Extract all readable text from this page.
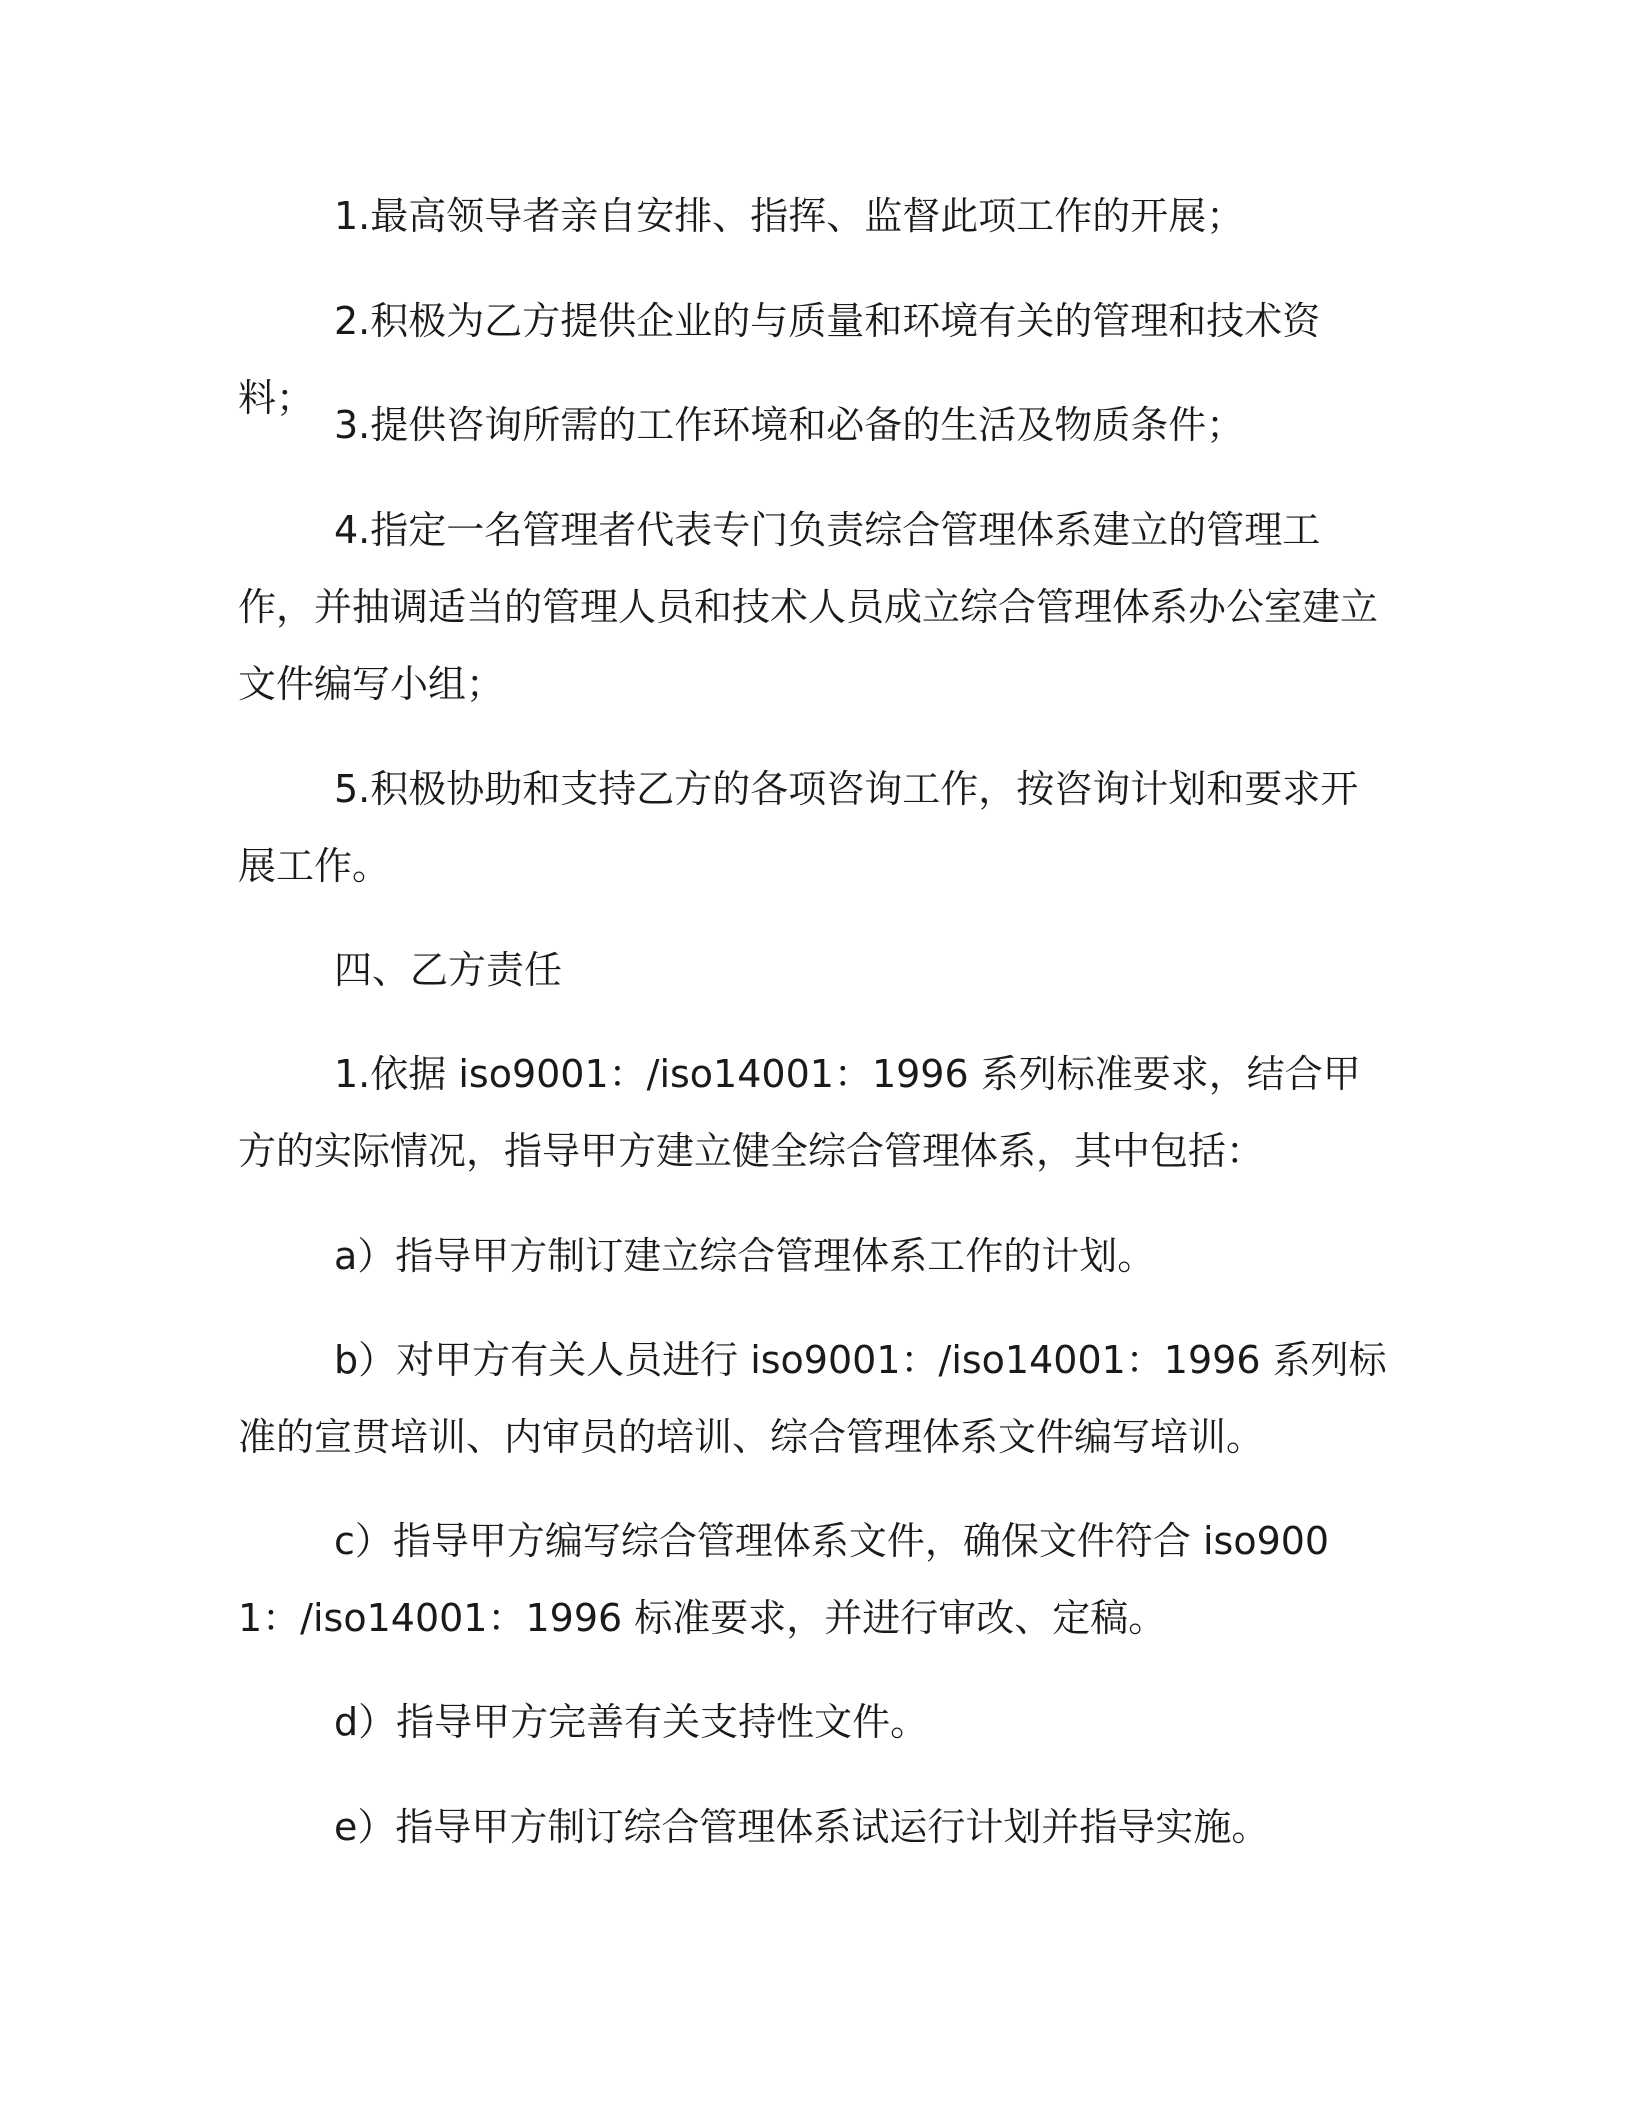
1.最高领导者亲自安排、指挥、监督此项工作的开展；

2.积极为乙方提供企业的与质量和环境有关的管理和技术资料；

3.提供咨询所需的工作环境和必备的生活及物质条件；

4.指定一名管理者代表专门负责综合管理体系建立的管理工作，并抽调适当的管理人员和技术人员成立综合管理体系办公室建立文件编写小组；

5.积极协助和支持乙方的各项咨询工作，按咨询计划和要求开展工作。

四、乙方责任

1.依据 iso9001：/iso14001：1996 系列标准要求，结合甲方的实际情况，指导甲方建立健全综合管理体系，其中包括：

a）指导甲方制订建立综合管理体系工作的计划。

b）对甲方有关人员进行 iso9001：/iso14001：1996 系列标准的宣贯培训、内审员的培训、综合管理体系文件编写培训。

c）指导甲方编写综合管理体系文件，确保文件符合 iso9001：/iso14001：1996 标准要求，并进行审改、定稿。

d）指导甲方完善有关支持性文件。

e）指导甲方制订综合管理体系试运行计划并指导实施。
